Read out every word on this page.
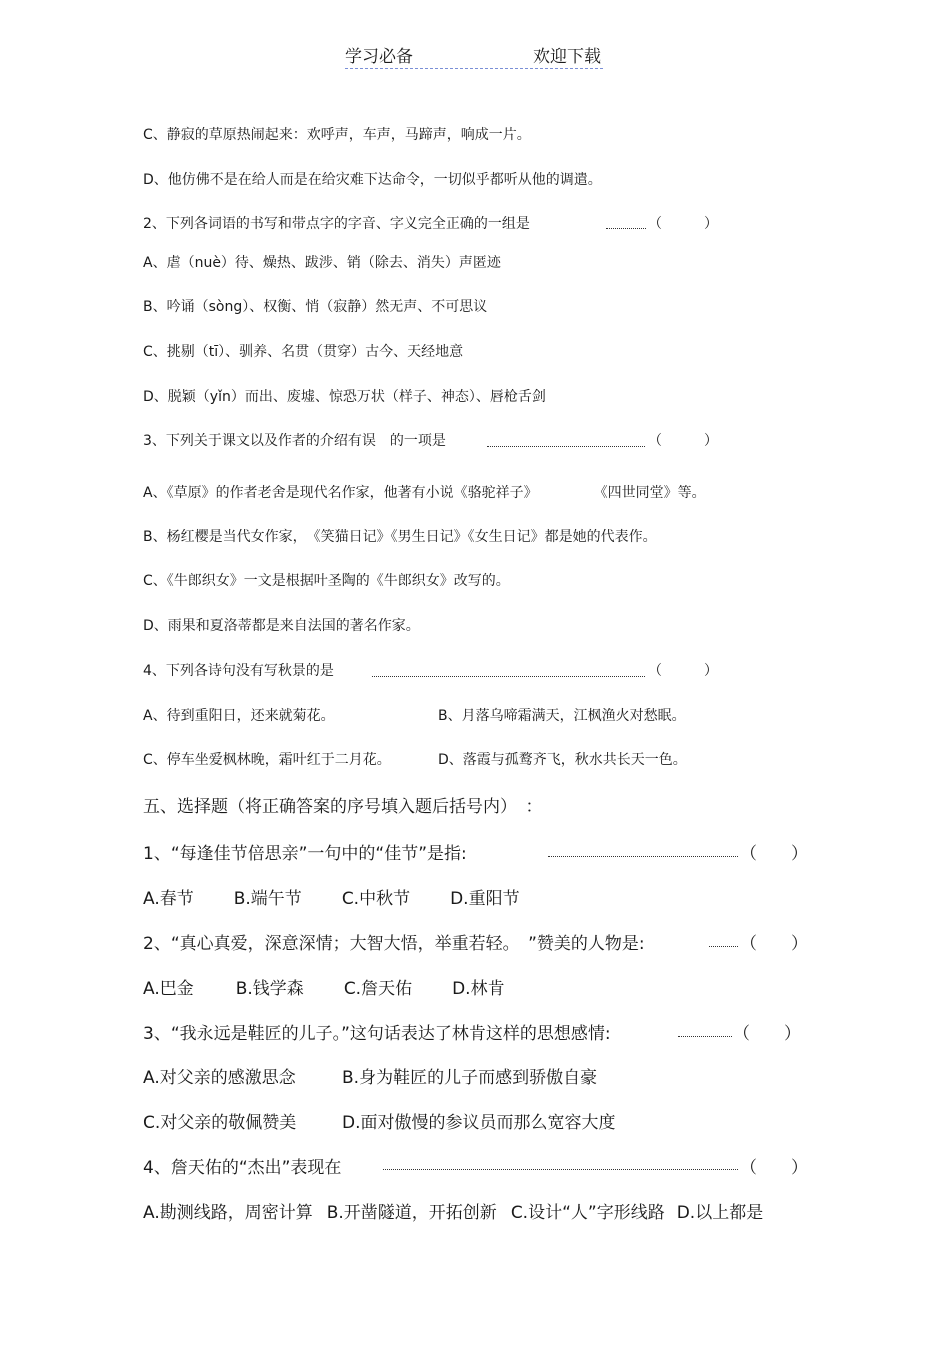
学习必备	欢迎下载
C、静寂的草原热闹起来：欢呼声，车声，马蹄声，响成一片。
D、他仿佛不是在给人而是在给灾难下达命令，一切似乎都听从他的调遣。
2、下列各词语的书写和带点字的字音、字义完全正确的一组是	（　　　）
A、虐（nuè）待、燥热、跋涉、销（除去、消失）声匿迹
B、吟诵（sòng）、权衡、悄（寂静）然无声、不可思议
C、挑剔（tī）、驯养、名贯（贯穿）古今、天经地意
D、脱颖（yǐn）而出、废墟、惊恐万状（样子、神态）、唇枪舌剑
3、下列关于课文以及作者的介绍有误 的一项是	（　　　）
A、《草原》的作者老舍是现代名作家，他著有小说《骆驼祥子》	《四世同堂》等。
B、杨红樱是当代女作家，　《笑猫日记》《男生日记》《女生日记》都是她的代表作。
C、《牛郎织女》一文是根据叶圣陶的《牛郎织女》改写的。
D、雨果和夏洛蒂都是来自法国的著名作家。
4、下列各诗句没有写秋景的是	（　　　）
A、待到重阳日，还来就菊花。	B、月落乌啼霜满天，江枫渔火对愁眠。
C、停车坐爱枫林晚，霜叶红于二月花。	D、落霞与孤鹜齐飞，秋水共长天一色。
五、选择题（将正确答案的序号填入题后括号内）　：
1、“每逢佳节倍思亲”一句中的“佳节”是指:	（　　）
A.春节 B.端午节 C.中秋节 D.重阳节
2、“真心真爱，深意深情；大智大悟，举重若轻。　”赞美的人物是:	（　　）
A.巴金 B.钱学森 C.詹天佑 D.林肯
3、“我永远是鞋匠的儿子。”这句话表达了林肯这样的思想感情:	（　　）
A.对父亲的感激思念	B.身为鞋匠的儿子而感到骄傲自豪
C.对父亲的敬佩赞美	D.面对傲慢的参议员而那么宽容大度
4、詹天佑的“杰出”表现在	（　　）
A.勘测线路，周密计算 B.开凿隧道，开拓创新 C.设计“人”字形线路 D.以上都是
